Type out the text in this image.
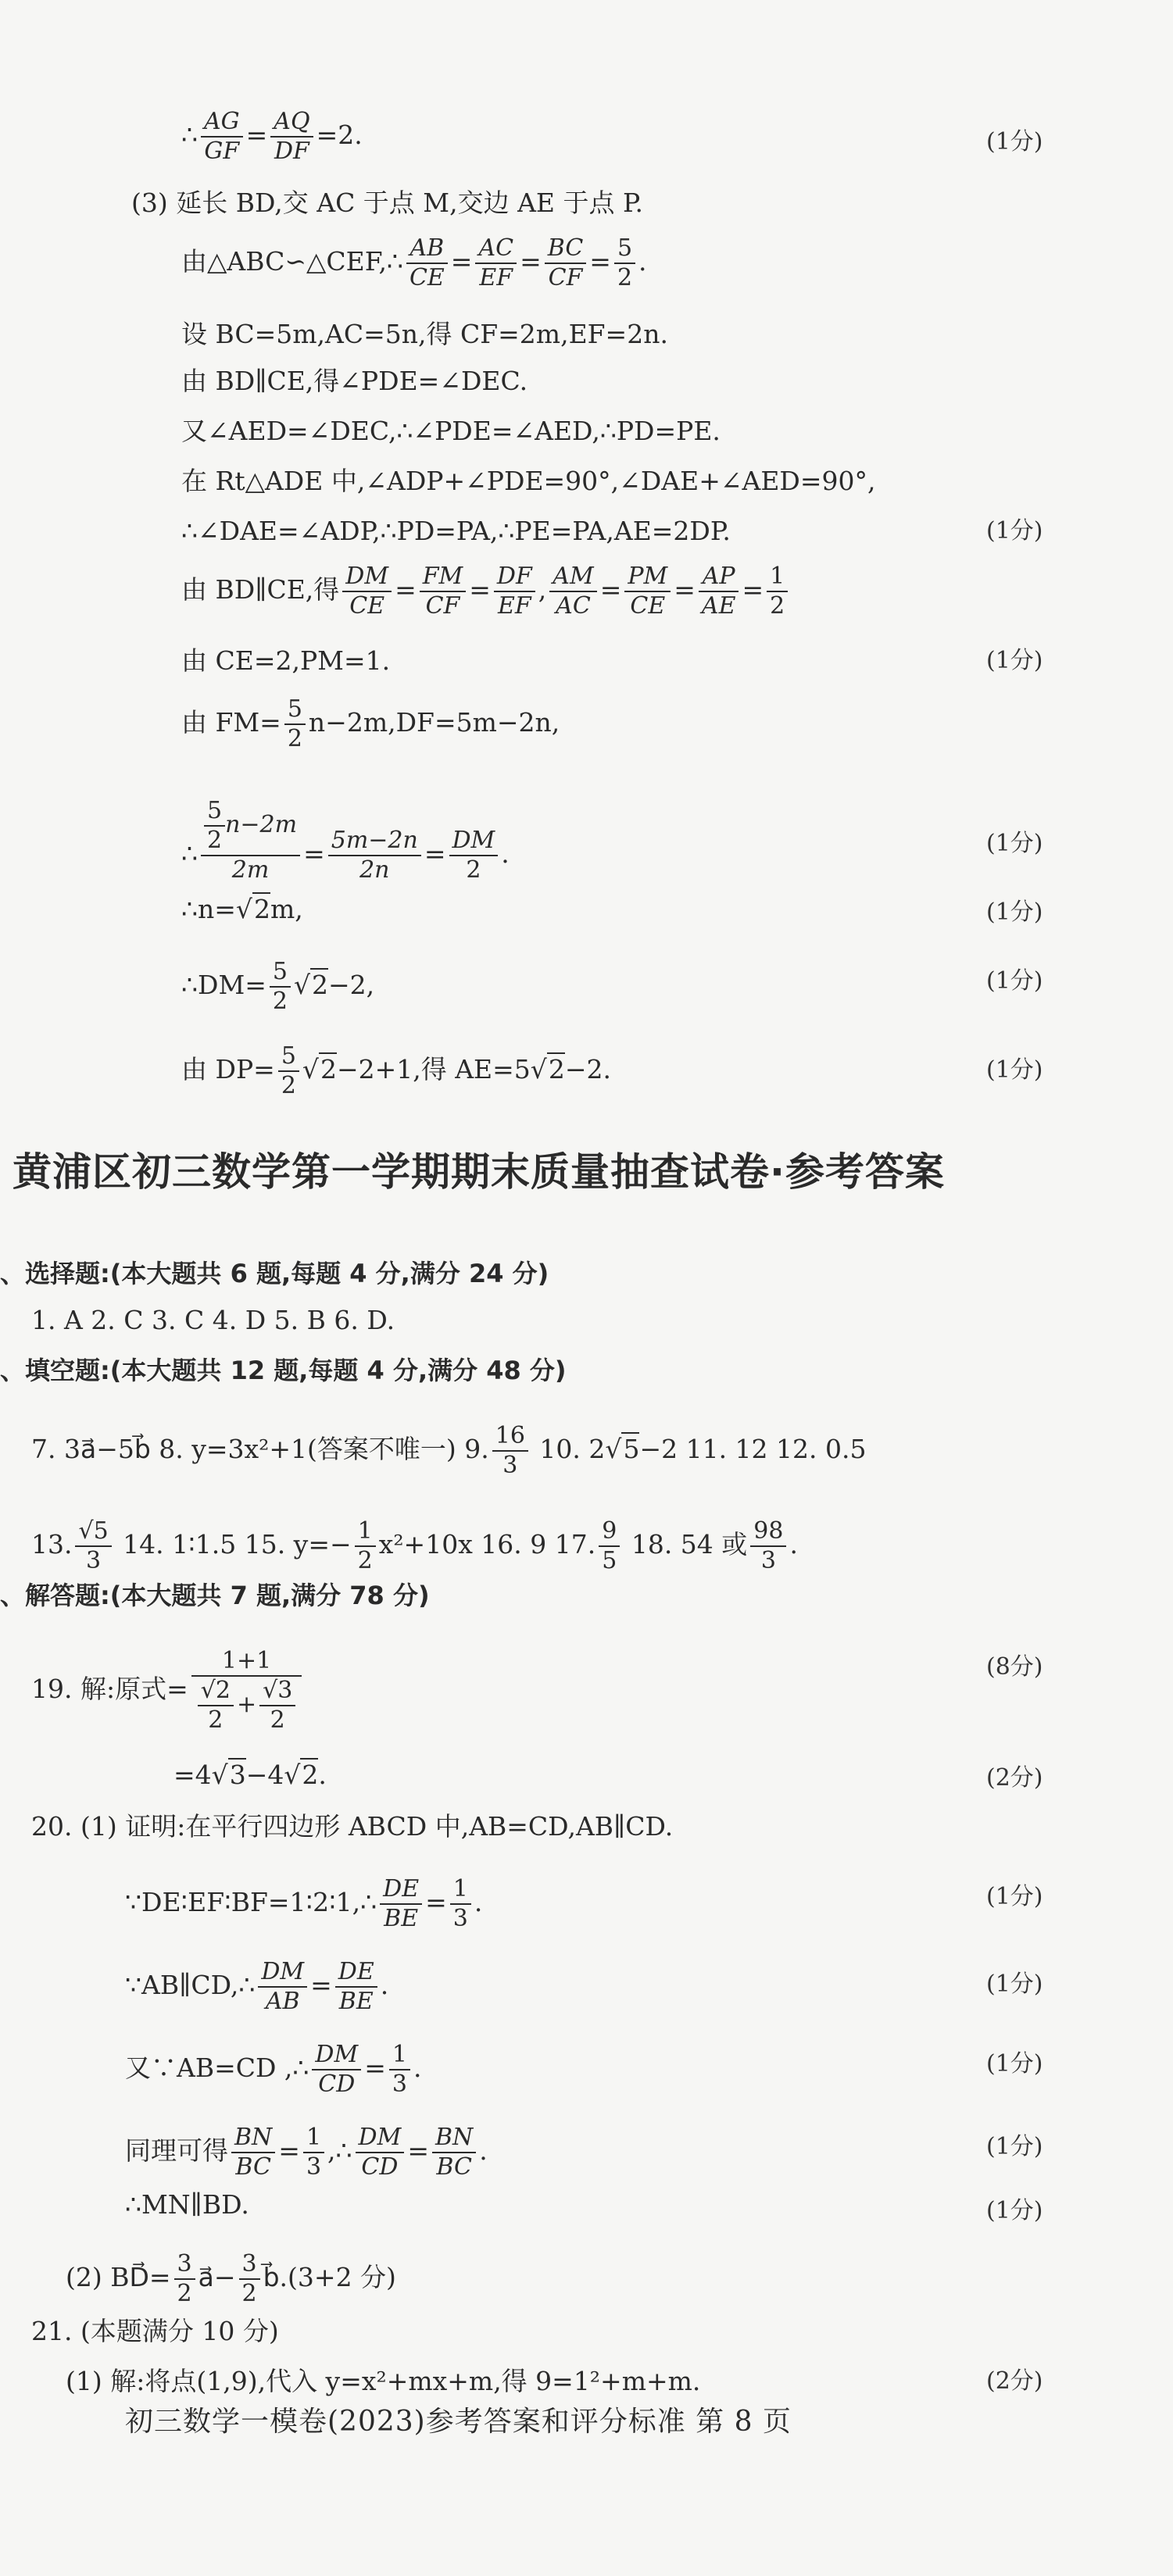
∴ $\frac{AG}{GF} = \frac{AQ}{DF} =2$.	(1分)
(3) 延长 BD,交 AC 于点 M,交边 AE 于点 P.
由△ABC∽△CEF,∴ $\frac{AB}{CE} = \frac{AC}{EF} = \frac{BC}{CF} = \frac{5}{2}$ .
设 BC=5m,AC=5n,得 CF=2m,EF=2n.
由 BD∥CE,得∠PDE=∠DEC.
又∠AED=∠DEC,∴∠PDE=∠AED,∴PD=PE.
在 Rt△ADE 中,∠ADP+∠PDE=90°,∠DAE+∠AED=90°,
∴∠DAE=∠ADP,∴PD=PA,∴PE=PA,AE=2DP.	(1分)
由 BD∥CE,得 $\frac{DM}{CE} = \frac{FM}{CF} = \frac{DF}{EF}$ , $\frac{AM}{AC} = \frac{PM}{CE} = \frac{AP}{AE} = \frac{1}{2}$
由 CE=2,PM=1.	(1分)
由 $FM= \frac{5}{2} n-2m,DF=5m-2n$,
∴ $\frac{\frac{5}{2} n-2m}{2m} = \frac{5m-2n}{2n} = \frac{DM}{2}$ .	(1分)
∴n=√2m,	(1分)
∴DM= $\frac{5}{2} √2-2$,	(1分)
由 $DP= \frac{5}{2} √2-2+1$,得 AE=5√2−2.	(1分)
黄浦区初三数学第一学期期末质量抽查试卷·参考答案
、选择题:(本大题共 6 题,每题 4 分,满分 24 分)
1. A 2. C 3. C 4. D 5. B 6. D.
、填空题:(本大题共 12 题,每题 4 分,满分 48 分)
7. 3a⃗−5b⃗ 8. y=3x²+1(答案不唯一) 9. $\frac{16}{3} 10$. 2√5−2 11. 12 12. 0.5
13. $\frac{√5}{3} 14$. 1∶1.5 15. $y=- \frac{1}{2} x^2+10x$ 16. 9 17. $\frac{9}{5} 18$. 54 或 $\frac{98}{3}$ .
、解答题:(本大题共 7 题,满分 78 分)
19. 解:原式= $\frac{1+1}{\frac{√2}{2} + \frac{√3}{2}}$	(8分)
=4√3−4√2.	(2分)
20. (1) 证明:在平行四边形 ABCD 中,AB=CD,AB∥CD.
∵DE∶EF∶BF=1∶2∶1,∴ $\frac{DE}{BE} = \frac{1}{3}$ .	(1分)
∵AB∥CD,∴ $\frac{DM}{AB} = \frac{DE}{BE}$ .	(1分)
又∵AB=CD ,∴ $\frac{DM}{CD} = \frac{1}{3}$ .	(1分)
同理可得 $\frac{BN}{BC} = \frac{1}{3}$ ,∴ $\frac{DM}{CD} = \frac{BN}{BC}$ .	(1分)
∴MN∥BD.	(1分)
(2) BD⃗= $\frac{3}{2}$ a⃗− $\frac{3}{2}$ b⃗.(3+2 分)
21. (本题满分 10 分)
(1) 解:将点(1,9),代入 y=x²+mx+m,得 9=1²+m+m.	(2分)
初三数学一模卷(2023)参考答案和评分标准 第 8 页
